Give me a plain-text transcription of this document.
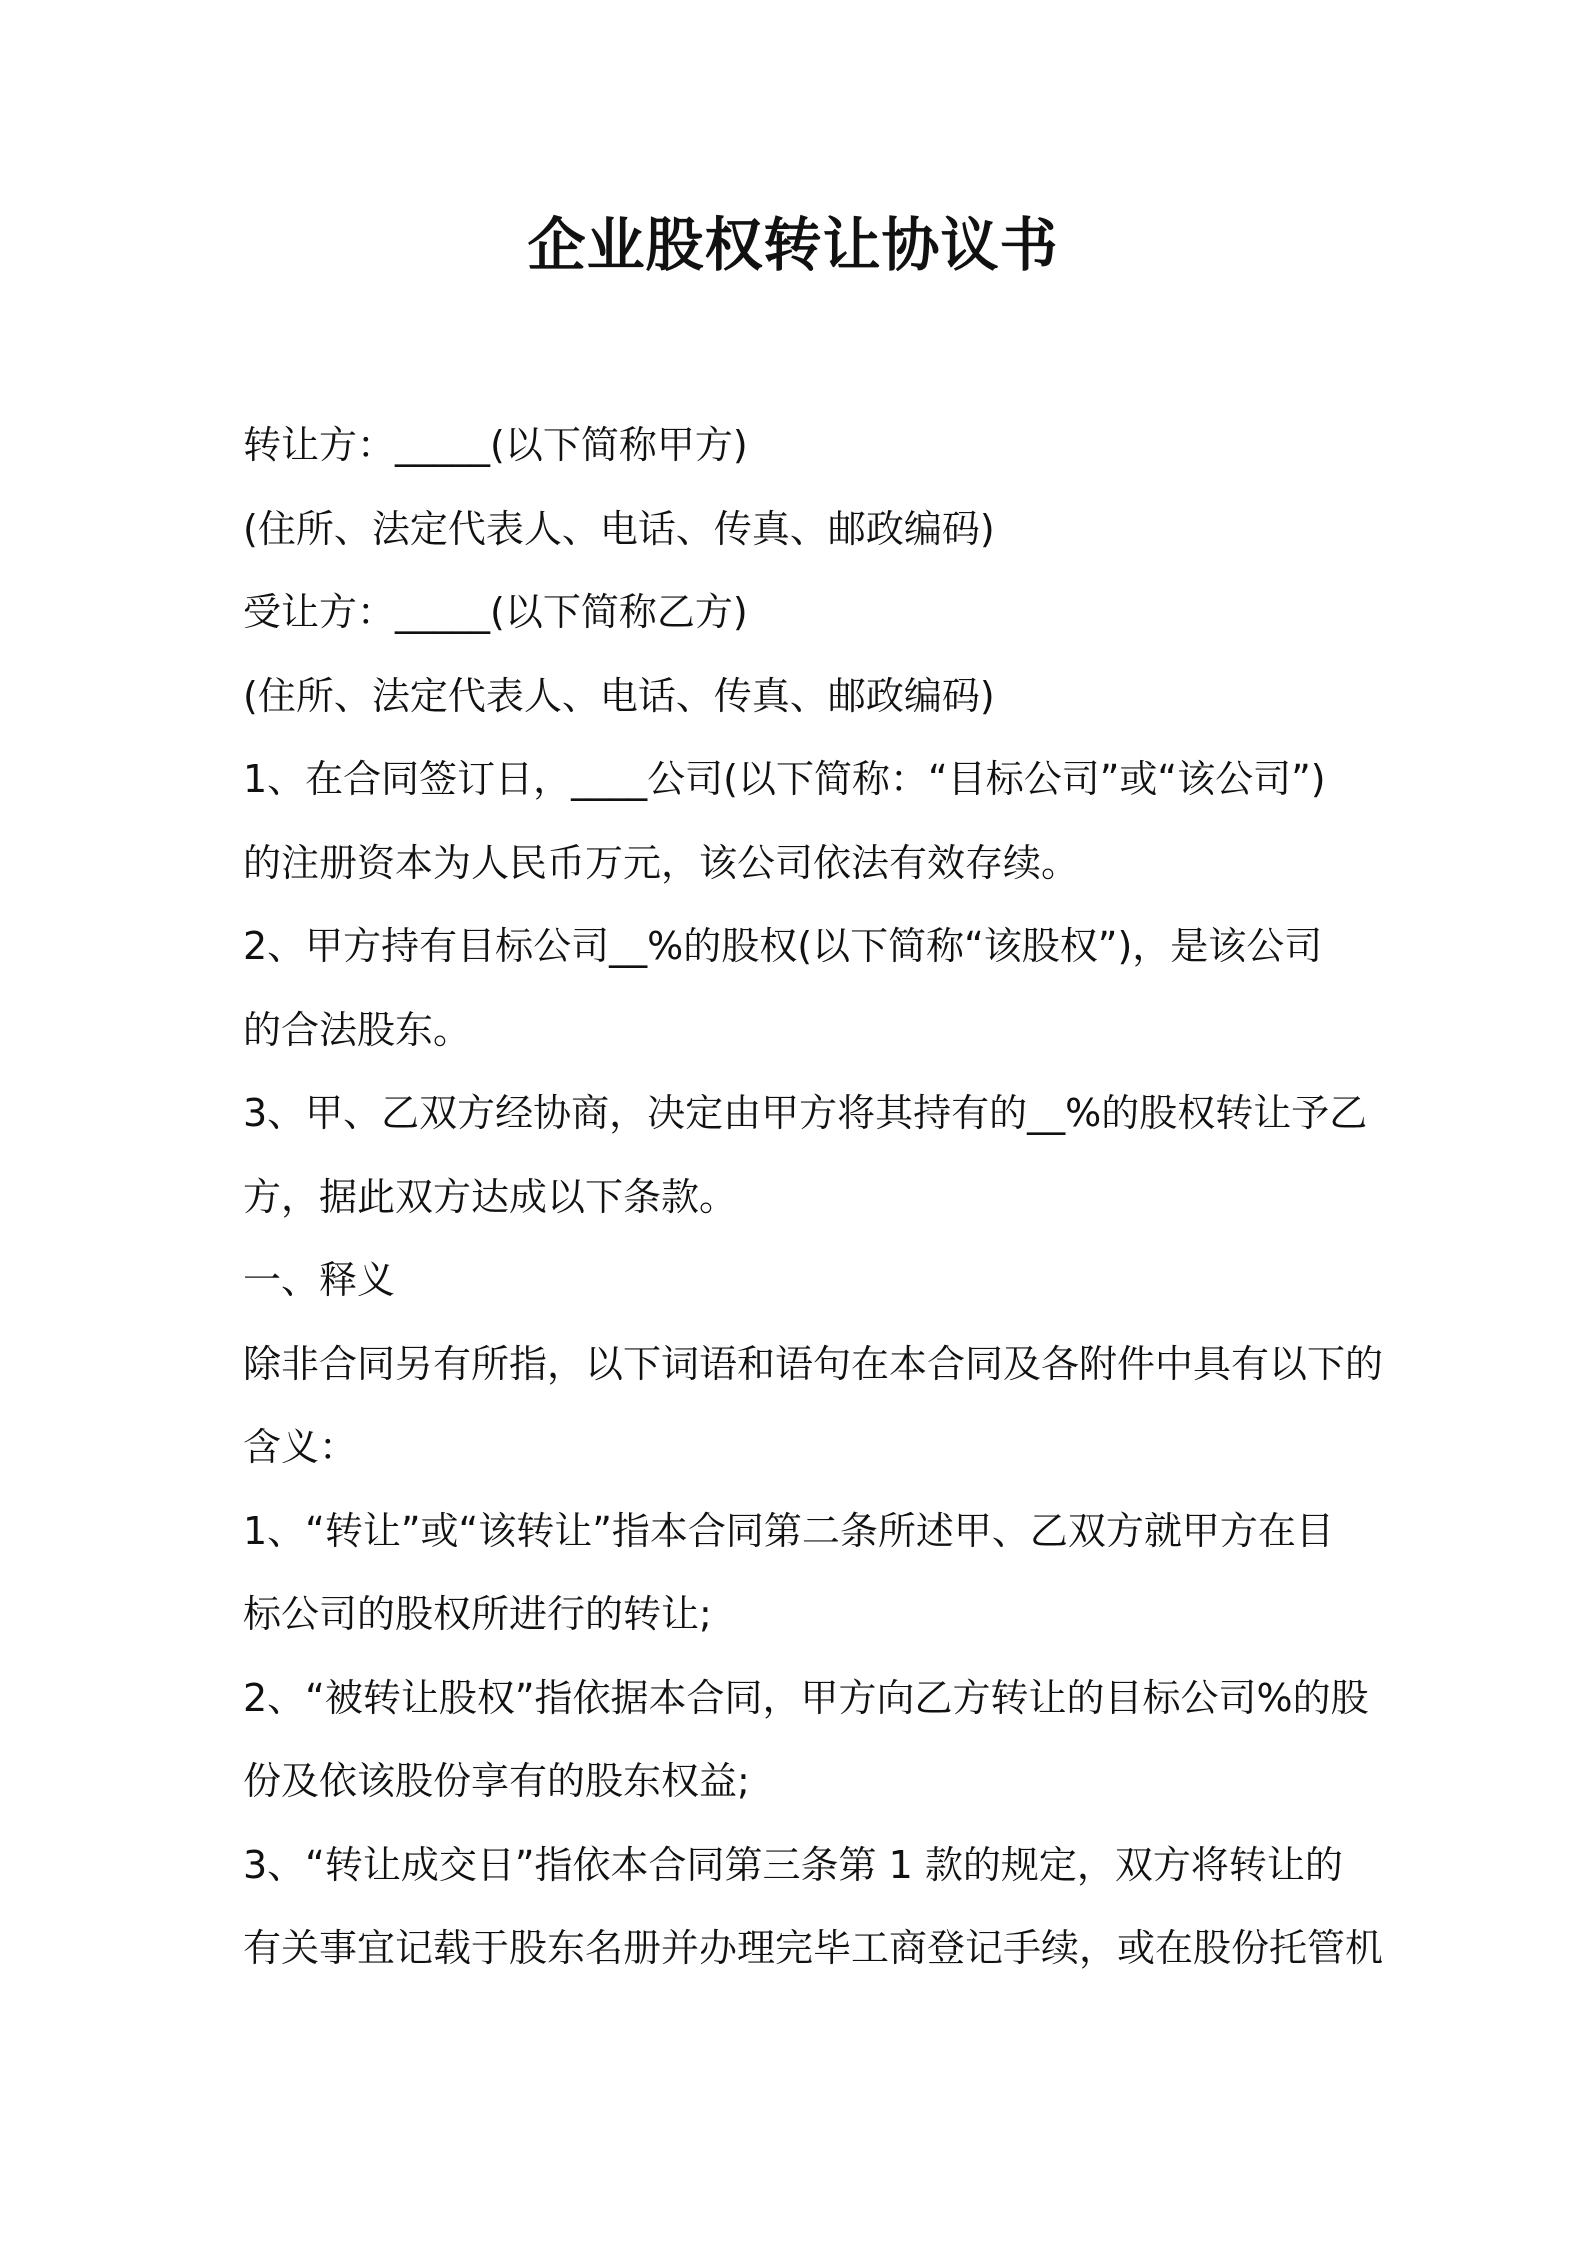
企业股权转让协议书

转让方：_____(以下简称甲方)

(住所、法定代表人、电话、传真、邮政编码)

受让方：_____(以下简称乙方)

(住所、法定代表人、电话、传真、邮政编码)

1、在合同签订日，____公司(以下简称：“目标公司”或“该公司”)

的注册资本为人民币万元，该公司依法有效存续。

2、甲方持有目标公司__%的股权(以下简称“该股权”)，是该公司

的合法股东。

3、甲、乙双方经协商，决定由甲方将其持有的__%的股权转让予乙

方，据此双方达成以下条款。

一、释义

除非合同另有所指，以下词语和语句在本合同及各附件中具有以下的

含义：

1、“转让”或“该转让”指本合同第二条所述甲、乙双方就甲方在目

标公司的股权所进行的转让;

2、“被转让股权”指依据本合同，甲方向乙方转让的目标公司%的股

份及依该股份享有的股东权益;

3、“转让成交日”指依本合同第三条第 1 款的规定，双方将转让的

有关事宜记载于股东名册并办理完毕工商登记手续，或在股份托管机
